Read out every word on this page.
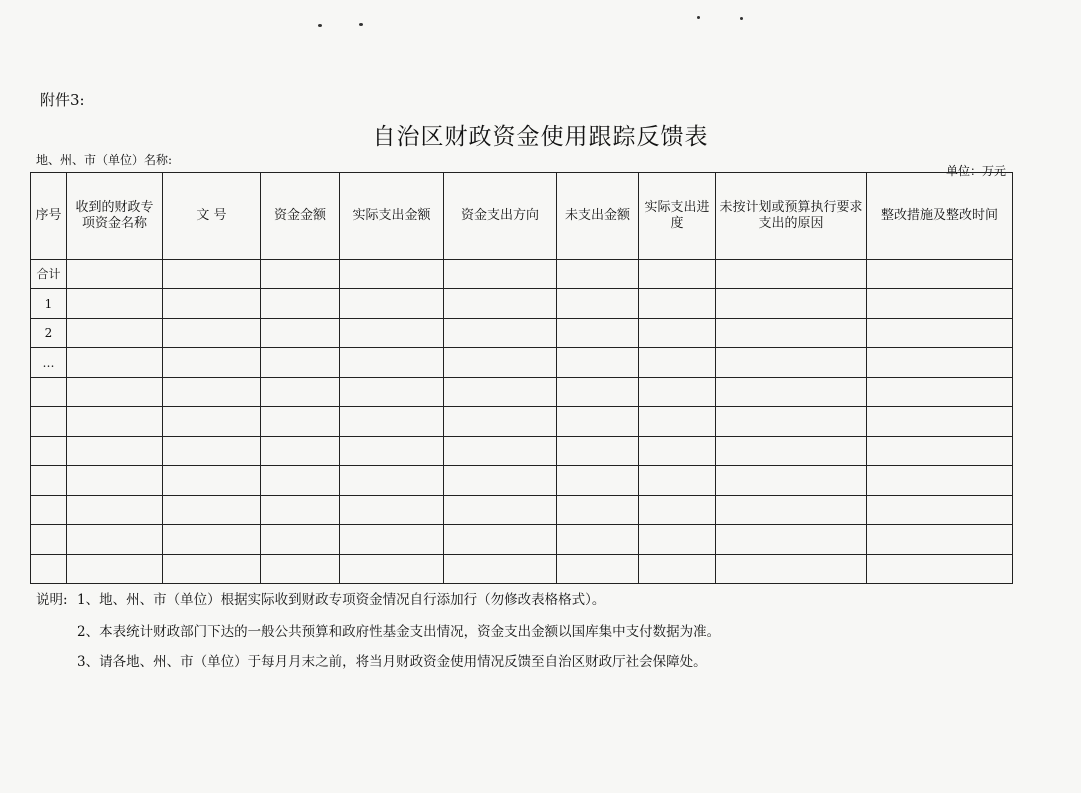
附件3:
自治区财政资金使用跟踪反馈表
地、州、市（单位）名称:
单位：万元
序号	收到的财政专项资金名称	文 号	资金金额	实际支出金额	资金支出方向	未支出金额	实际支出进度	未按计划或预算执行要求支出的原因	整改措施及整改时间
合计									
1									
2									
…									

说明: 1、地、州、市（单位）根据实际收到财政专项资金情况自行添加行（勿修改表格格式）。
2、本表统计财政部门下达的一般公共预算和政府性基金支出情况，资金支出金额以国库集中支付数据为准。
3、请各地、州、市（单位）于每月月末之前，将当月财政资金使用情况反馈至自治区财政厅社会保障处。
